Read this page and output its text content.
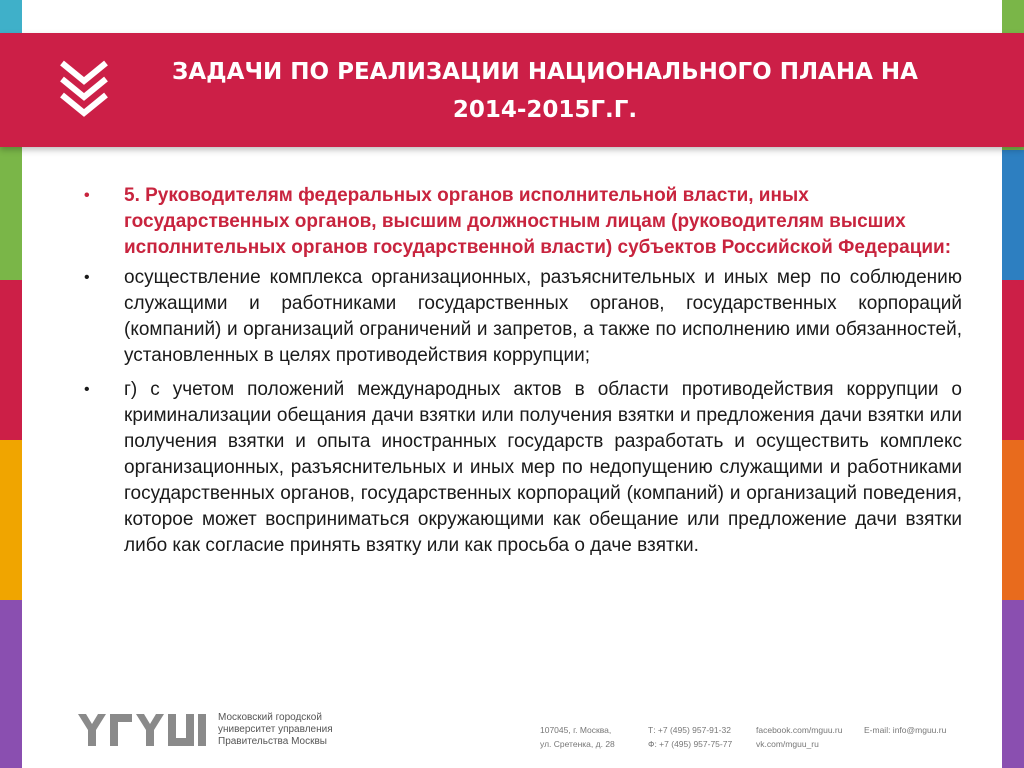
ЗАДАЧИ ПО РЕАЛИЗАЦИИ НАЦИОНАЛЬНОГО ПЛАНА НА
2014-2015Г.Г.
•	5. Руководителям федеральных органов исполнительной власти, иных государственных органов, высшим должностным лицам (руководителям высших исполнительных органов государственной власти) субъектов Российской Федерации:
•	осуществление комплекса организационных, разъяснительных и иных мер по соблюдению служащими и работниками государственных органов, государственных корпораций (компаний) и организаций ограничений и запретов, а также по исполнению ими обязанностей, установленных в целях противодействия коррупции;
•	г) с учетом положений международных актов в области противодействия коррупции о криминализации обещания дачи взятки или получения взятки и предложения дачи взятки или получения взятки и опыта иностранных государств разработать и осуществить комплекс организационных, разъяснительных и иных мер по недопущению служащими и работниками государственных органов, государственных корпораций (компаний) и организаций поведения, которое может восприниматься окружающими как обещание или предложение дачи взятки либо как согласие принять взятку или как просьба о даче взятки.
Московский городской
университет управления
Правительства Москвы
107045, г. Москва,
ул. Сретенка, д. 28
Т: +7 (495) 957-91-32
Ф: +7 (495) 957-75-77
facebook.com/mguu.ru
vk.com/mguu_ru
E-mail: info@mguu.ru
